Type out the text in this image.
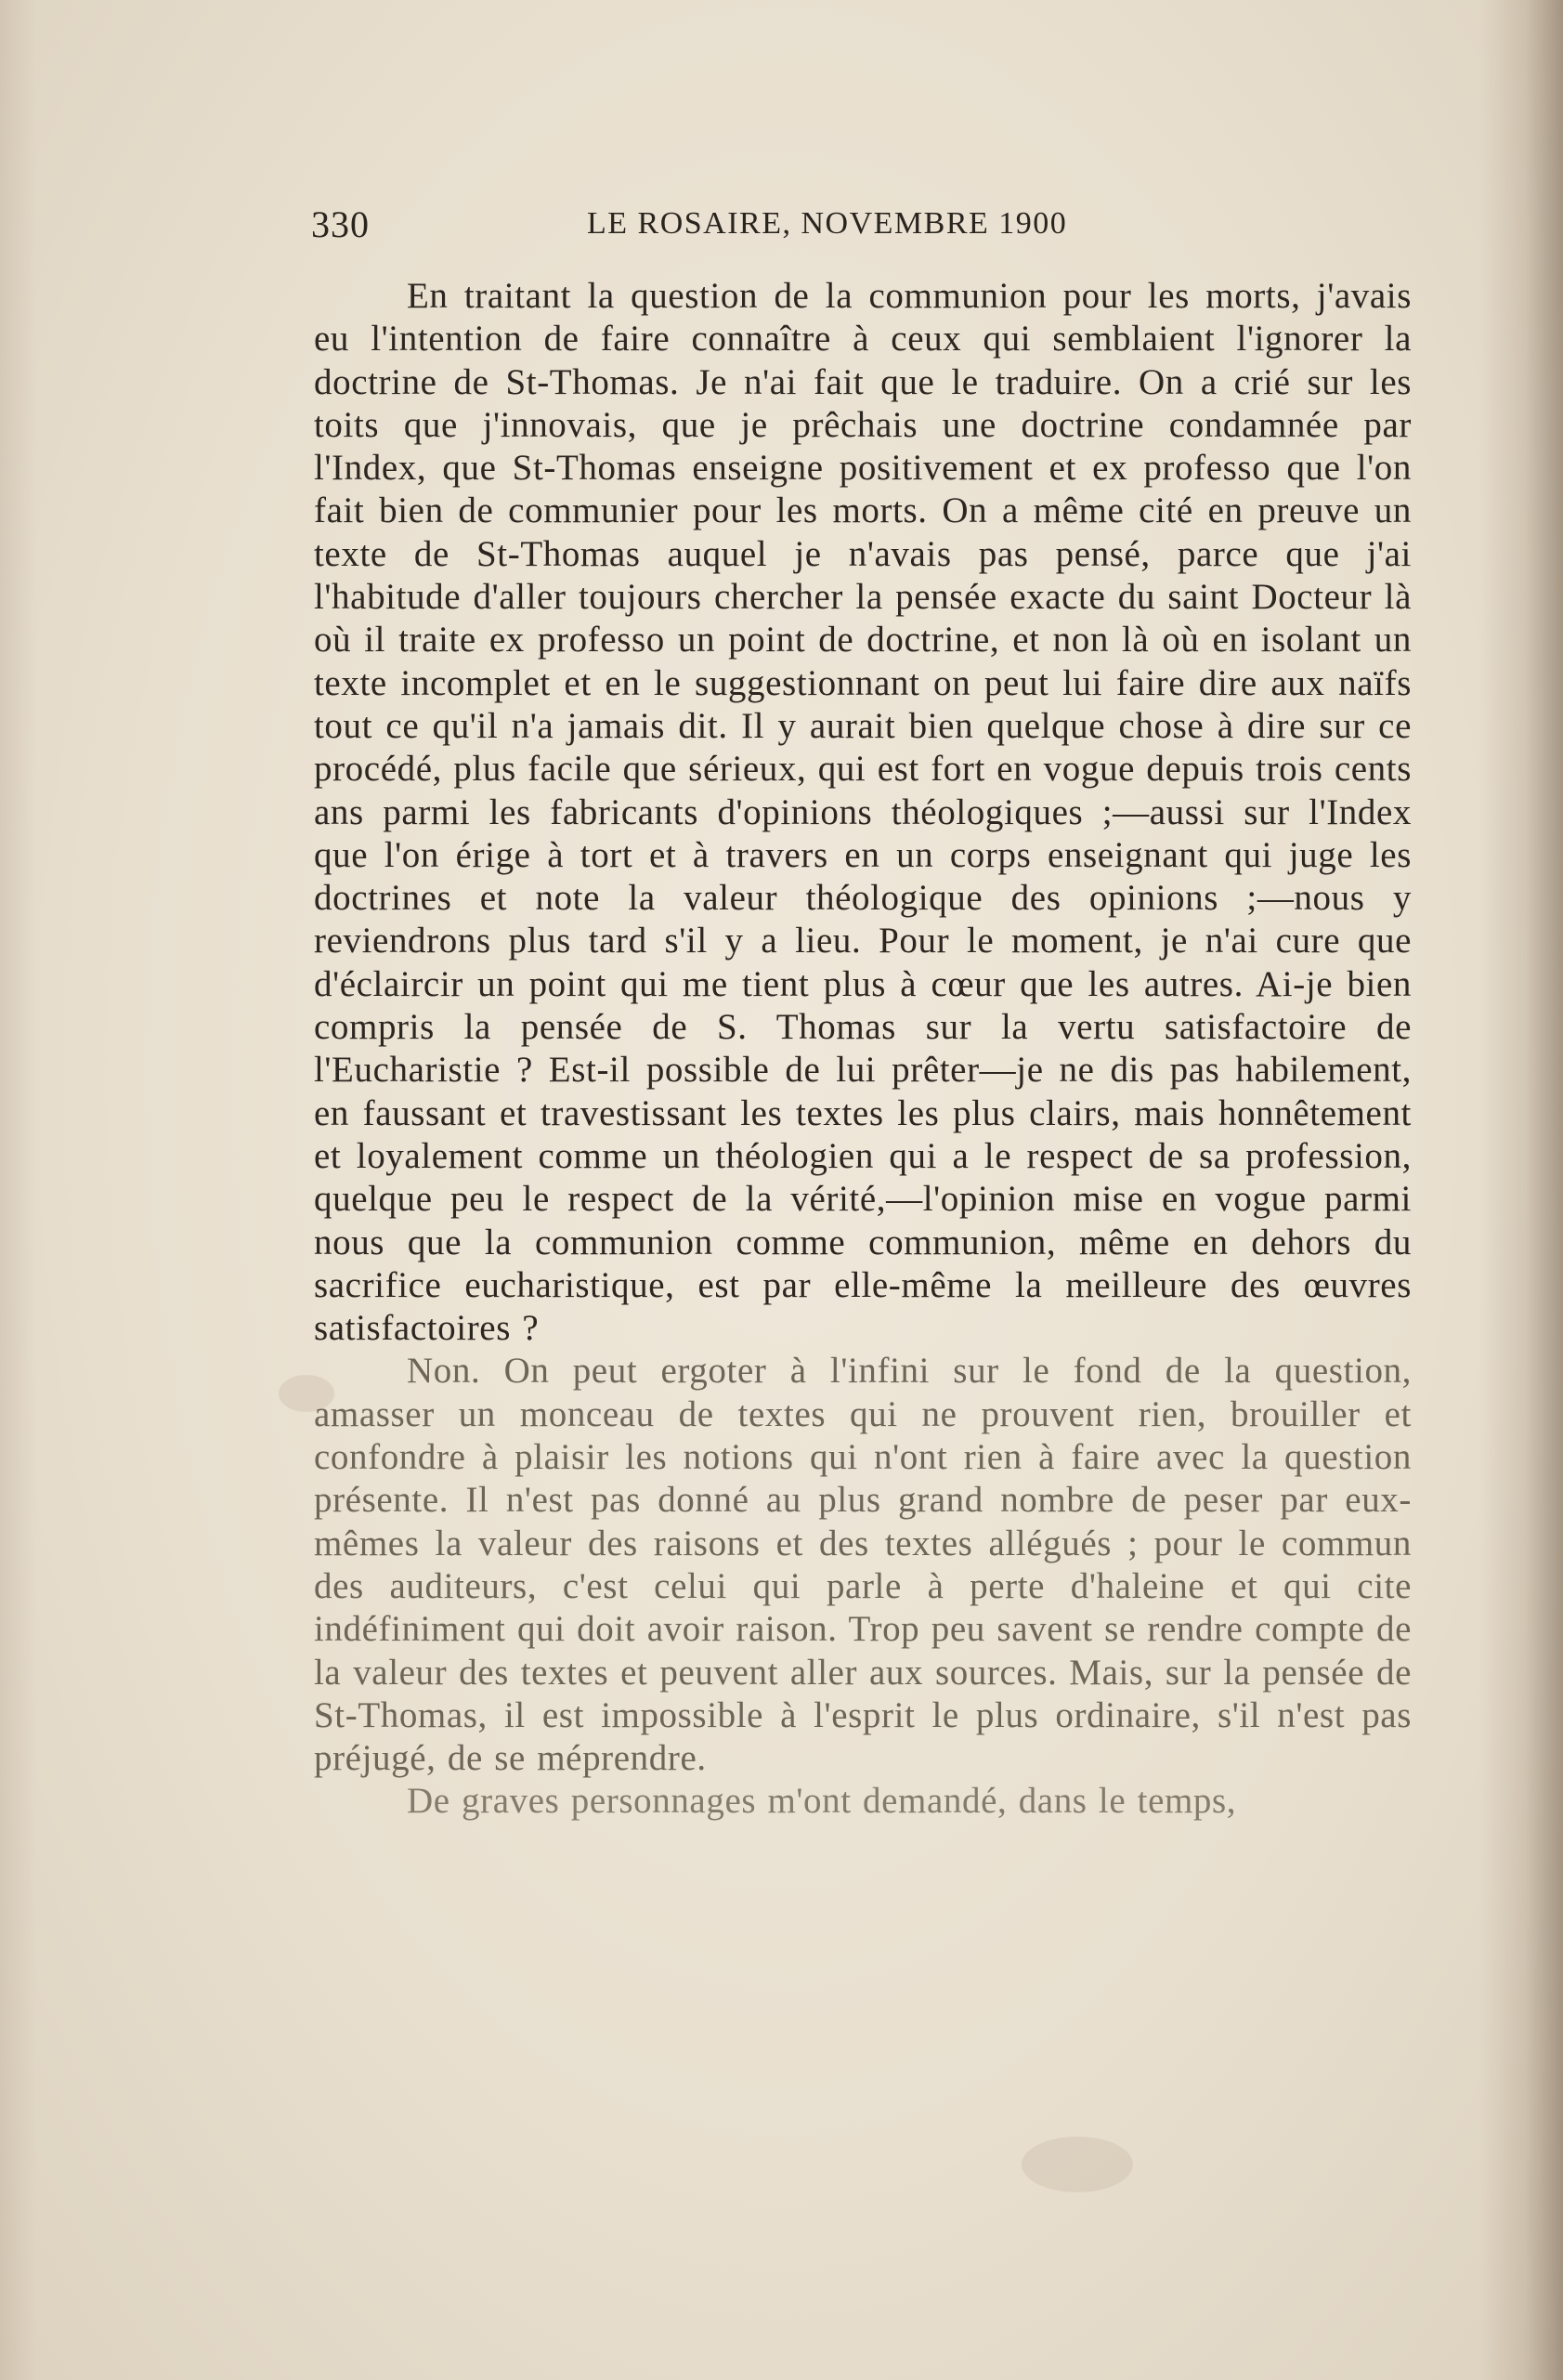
330	LE ROSAIRE, NOVEMBRE 1900

En traitant la question de la communion pour les morts, j'avais eu l'intention de faire connaître à ceux qui semblaient l'ignorer la doctrine de St-Thomas. Je n'ai fait que le traduire. On a crié sur les toits que j'innovais, que je prêchais une doctrine condamnée par l'Index, que St-Thomas enseigne positivement et ex professo que l'on fait bien de communier pour les morts. On a même cité en preuve un texte de St-Thomas auquel je n'avais pas pensé, parce que j'ai l'habitude d'aller toujours chercher la pensée exacte du saint Docteur là où il traite ex professo un point de doctrine, et non là où en isolant un texte incomplet et en le suggestionnant on peut lui faire dire aux naïfs tout ce qu'il n'a jamais dit. Il y aurait bien quelque chose à dire sur ce procédé, plus facile que sérieux, qui est fort en vogue depuis trois cents ans parmi les fabricants d'opinions théologiques ;—aussi sur l'Index que l'on érige à tort et à travers en un corps enseignant qui juge les doctrines et note la valeur théologique des opinions ;—nous y reviendrons plus tard s'il y a lieu. Pour le moment, je n'ai cure que d'éclaircir un point qui me tient plus à cœur que les autres. Ai-je bien compris la pensée de S. Thomas sur la vertu satisfactoire de l'Eucharistie ? Est-il possible de lui prêter—je ne dis pas habilement, en faussant et travestissant les textes les plus clairs, mais honnêtement et loyalement comme un théologien qui a le respect de sa profession, quelque peu le respect de la vérité,—l'opinion mise en vogue parmi nous que la communion comme communion, même en dehors du sacrifice eucharistique, est par elle-même la meilleure des œuvres satisfactoires ?

Non. On peut ergoter à l'infini sur le fond de la question, amasser un monceau de textes qui ne prouvent rien, brouiller et confondre à plaisir les notions qui n'ont rien à faire avec la question présente. Il n'est pas donné au plus grand nombre de peser par eux-mêmes la valeur des raisons et des textes allégués ; pour le commun des auditeurs, c'est celui qui parle à perte d'haleine et qui cite indéfiniment qui doit avoir raison. Trop peu savent se rendre compte de la valeur des textes et peuvent aller aux sources. Mais, sur la pensée de St-Thomas, il est impossible à l'esprit le plus ordinaire, s'il n'est pas préjugé, de se méprendre.

De graves personnages m'ont demandé, dans le temps,
